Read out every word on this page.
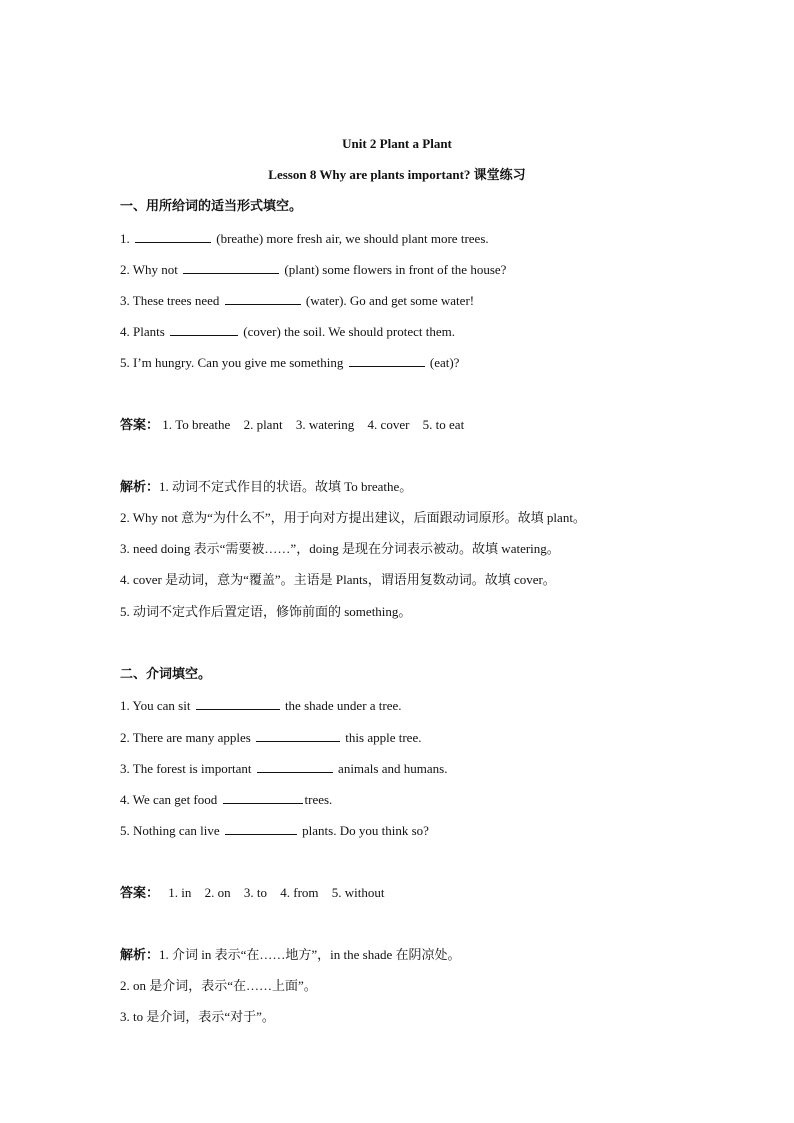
Unit 2 Plant a Plant
Lesson 8 Why are plants important? 课堂练习
一、用所给词的适当形式填空。
1.	(breathe) more fresh air, we should plant more trees.
2. Why not	(plant) some flowers in front of the house?
3. These trees need	(water). Go and get some water!
4. Plants	(cover) the soil. We should protect them.
5. I’m hungry. Can you give me something	(eat)?
答案： 1. To breathe 2. plant 3. watering 4. cover 5. to eat
解析：1. 动词不定式作目的状语。故填 To breathe。
2. Why not 意为“为什么不”，用于向对方提出建议，后面跟动词原形。故填 plant。
3. need doing 表示“需要被……”，doing 是现在分词表示被动。故填 watering。
4. cover 是动词，意为“覆盖”。主语是 Plants，谓语用复数动词。故填 cover。
5. 动词不定式作后置定语，修饰前面的 something。
二、介词填空。
1. You can sit	the shade under a tree.
2. There are many apples	this apple tree.
3. The forest is important	animals and humans.
4. We can get food	trees.
5. Nothing can live	plants. Do you think so?
答案： 1. in 2. on 3. to 4. from 5. without
解析：1. 介词 in 表示“在……地方”，in the shade 在阴凉处。
2. on 是介词，表示“在……上面”。
3. to 是介词，表示“对于”。
